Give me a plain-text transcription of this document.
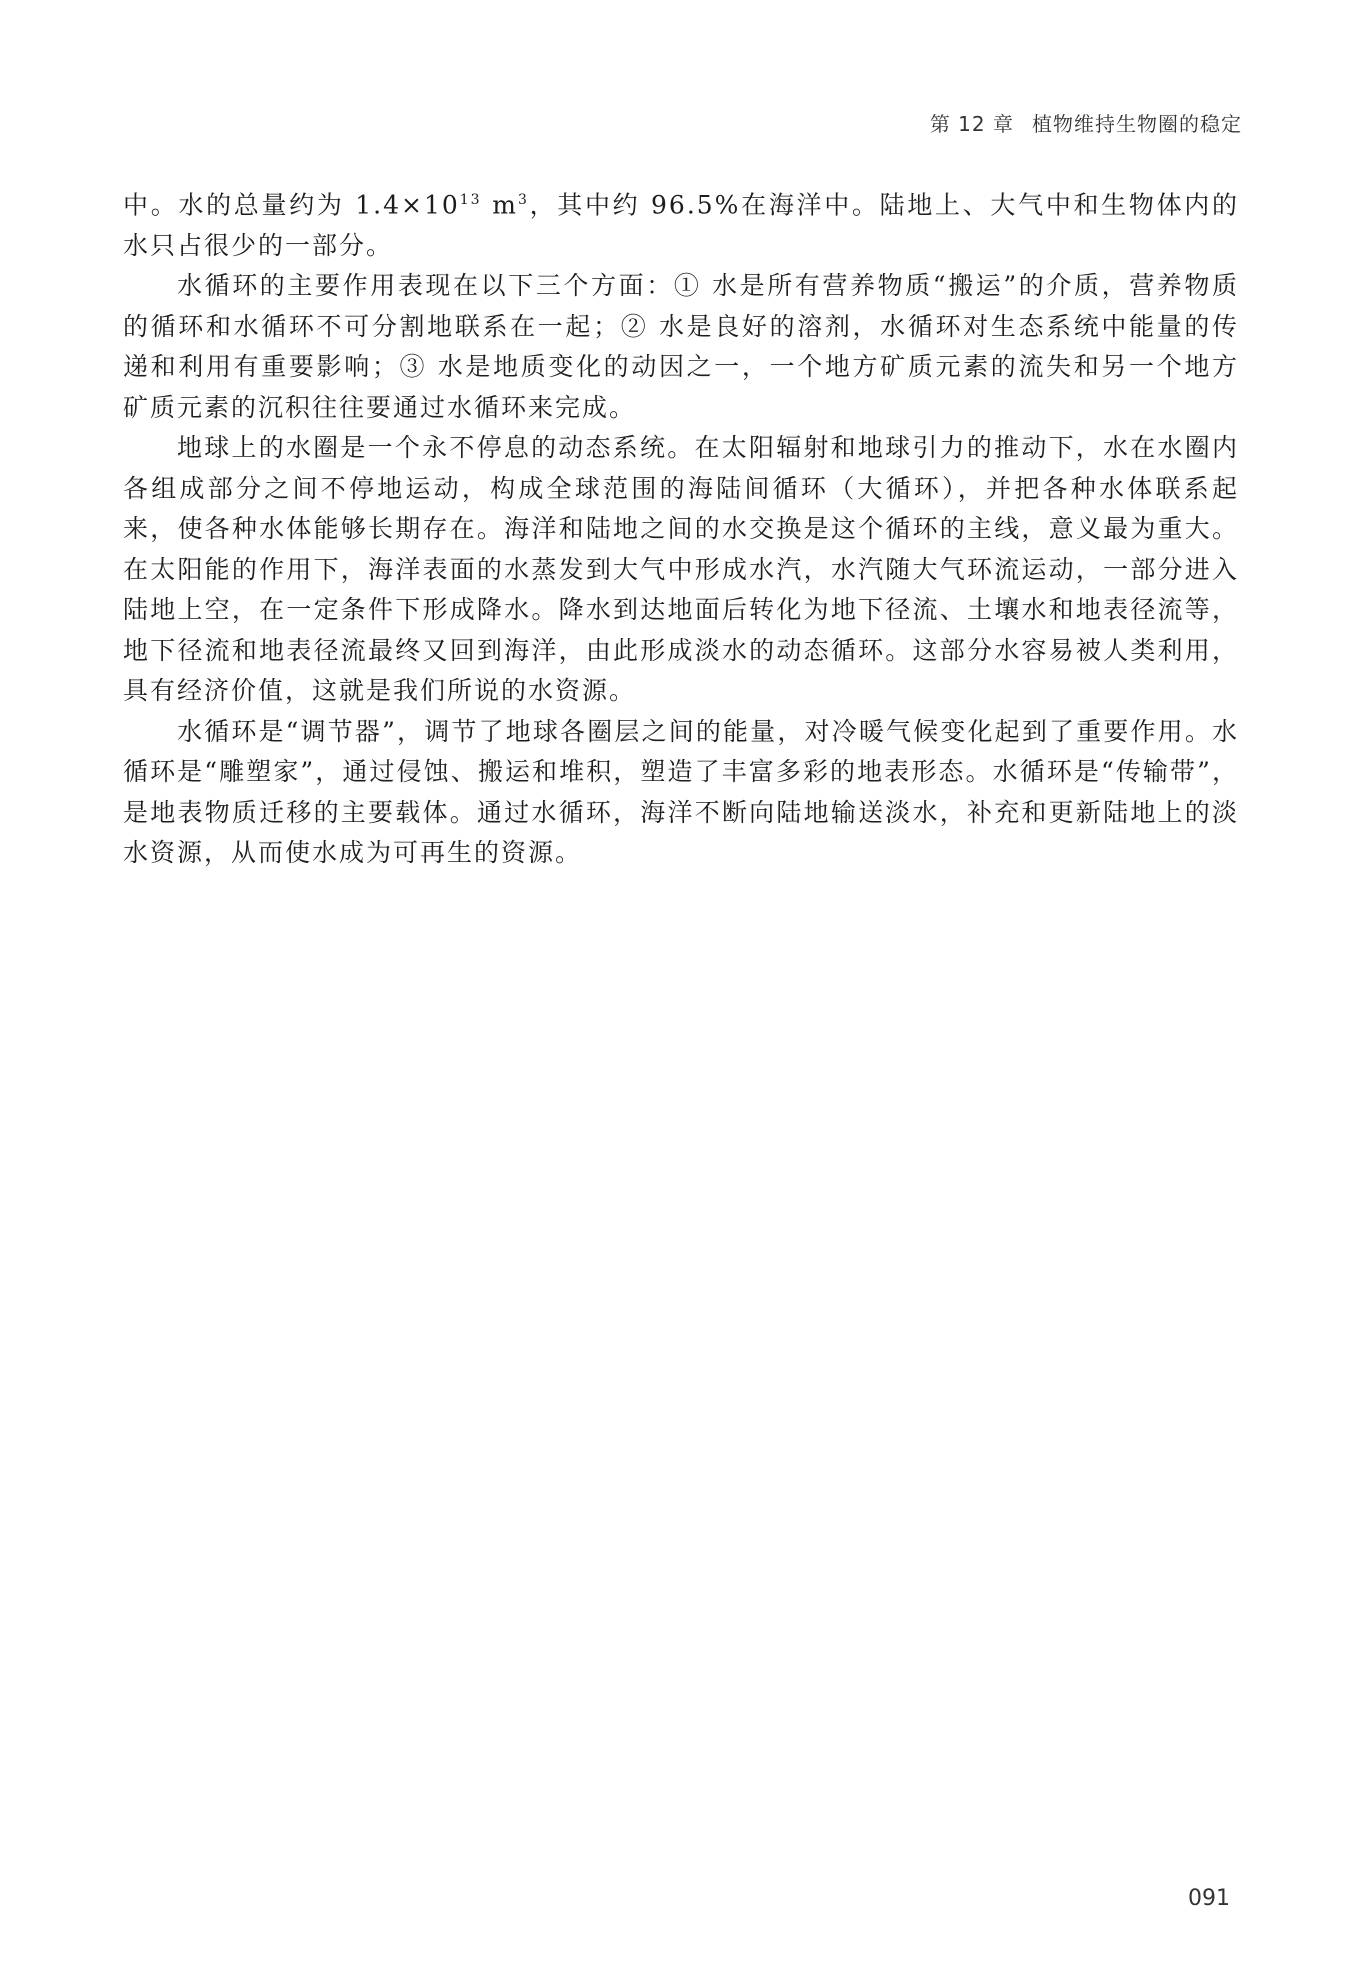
第 12 章 植物维持生物圈的稳定

中。水的总量约为 $1.4\times 10^{13}$ $m^3$，其中约 96.5%在海洋中。陆地上、大气中和生物体内的水只占很少的一部分。

水循环的主要作用表现在以下三个方面：① 水是所有营养物质“搬运”的介质，营养物质的循环和水循环不可分割地联系在一起；② 水是良好的溶剂，水循环对生态系统中能量的传递和利用有重要影响；③ 水是地质变化的动因之一，一个地方矿质元素的流失和另一个地方矿质元素的沉积往往要通过水循环来完成。

地球上的水圈是一个永不停息的动态系统。在太阳辐射和地球引力的推动下，水在水圈内各组成部分之间不停地运动，构成全球范围的海陆间循环（大循环），并把各种水体联系起来，使各种水体能够长期存在。海洋和陆地之间的水交换是这个循环的主线，意义最为重大。在太阳能的作用下，海洋表面的水蒸发到大气中形成水汽，水汽随大气环流运动，一部分进入陆地上空，在一定条件下形成降水。降水到达地面后转化为地下径流、土壤水和地表径流等，地下径流和地表径流最终又回到海洋，由此形成淡水的动态循环。这部分水容易被人类利用，具有经济价值，这就是我们所说的水资源。

水循环是“调节器”，调节了地球各圈层之间的能量，对冷暖气候变化起到了重要作用。水循环是“雕塑家”，通过侵蚀、搬运和堆积，塑造了丰富多彩的地表形态。水循环是“传输带”，是地表物质迁移的主要载体。通过水循环，海洋不断向陆地输送淡水，补充和更新陆地上的淡水资源，从而使水成为可再生的资源。

091
